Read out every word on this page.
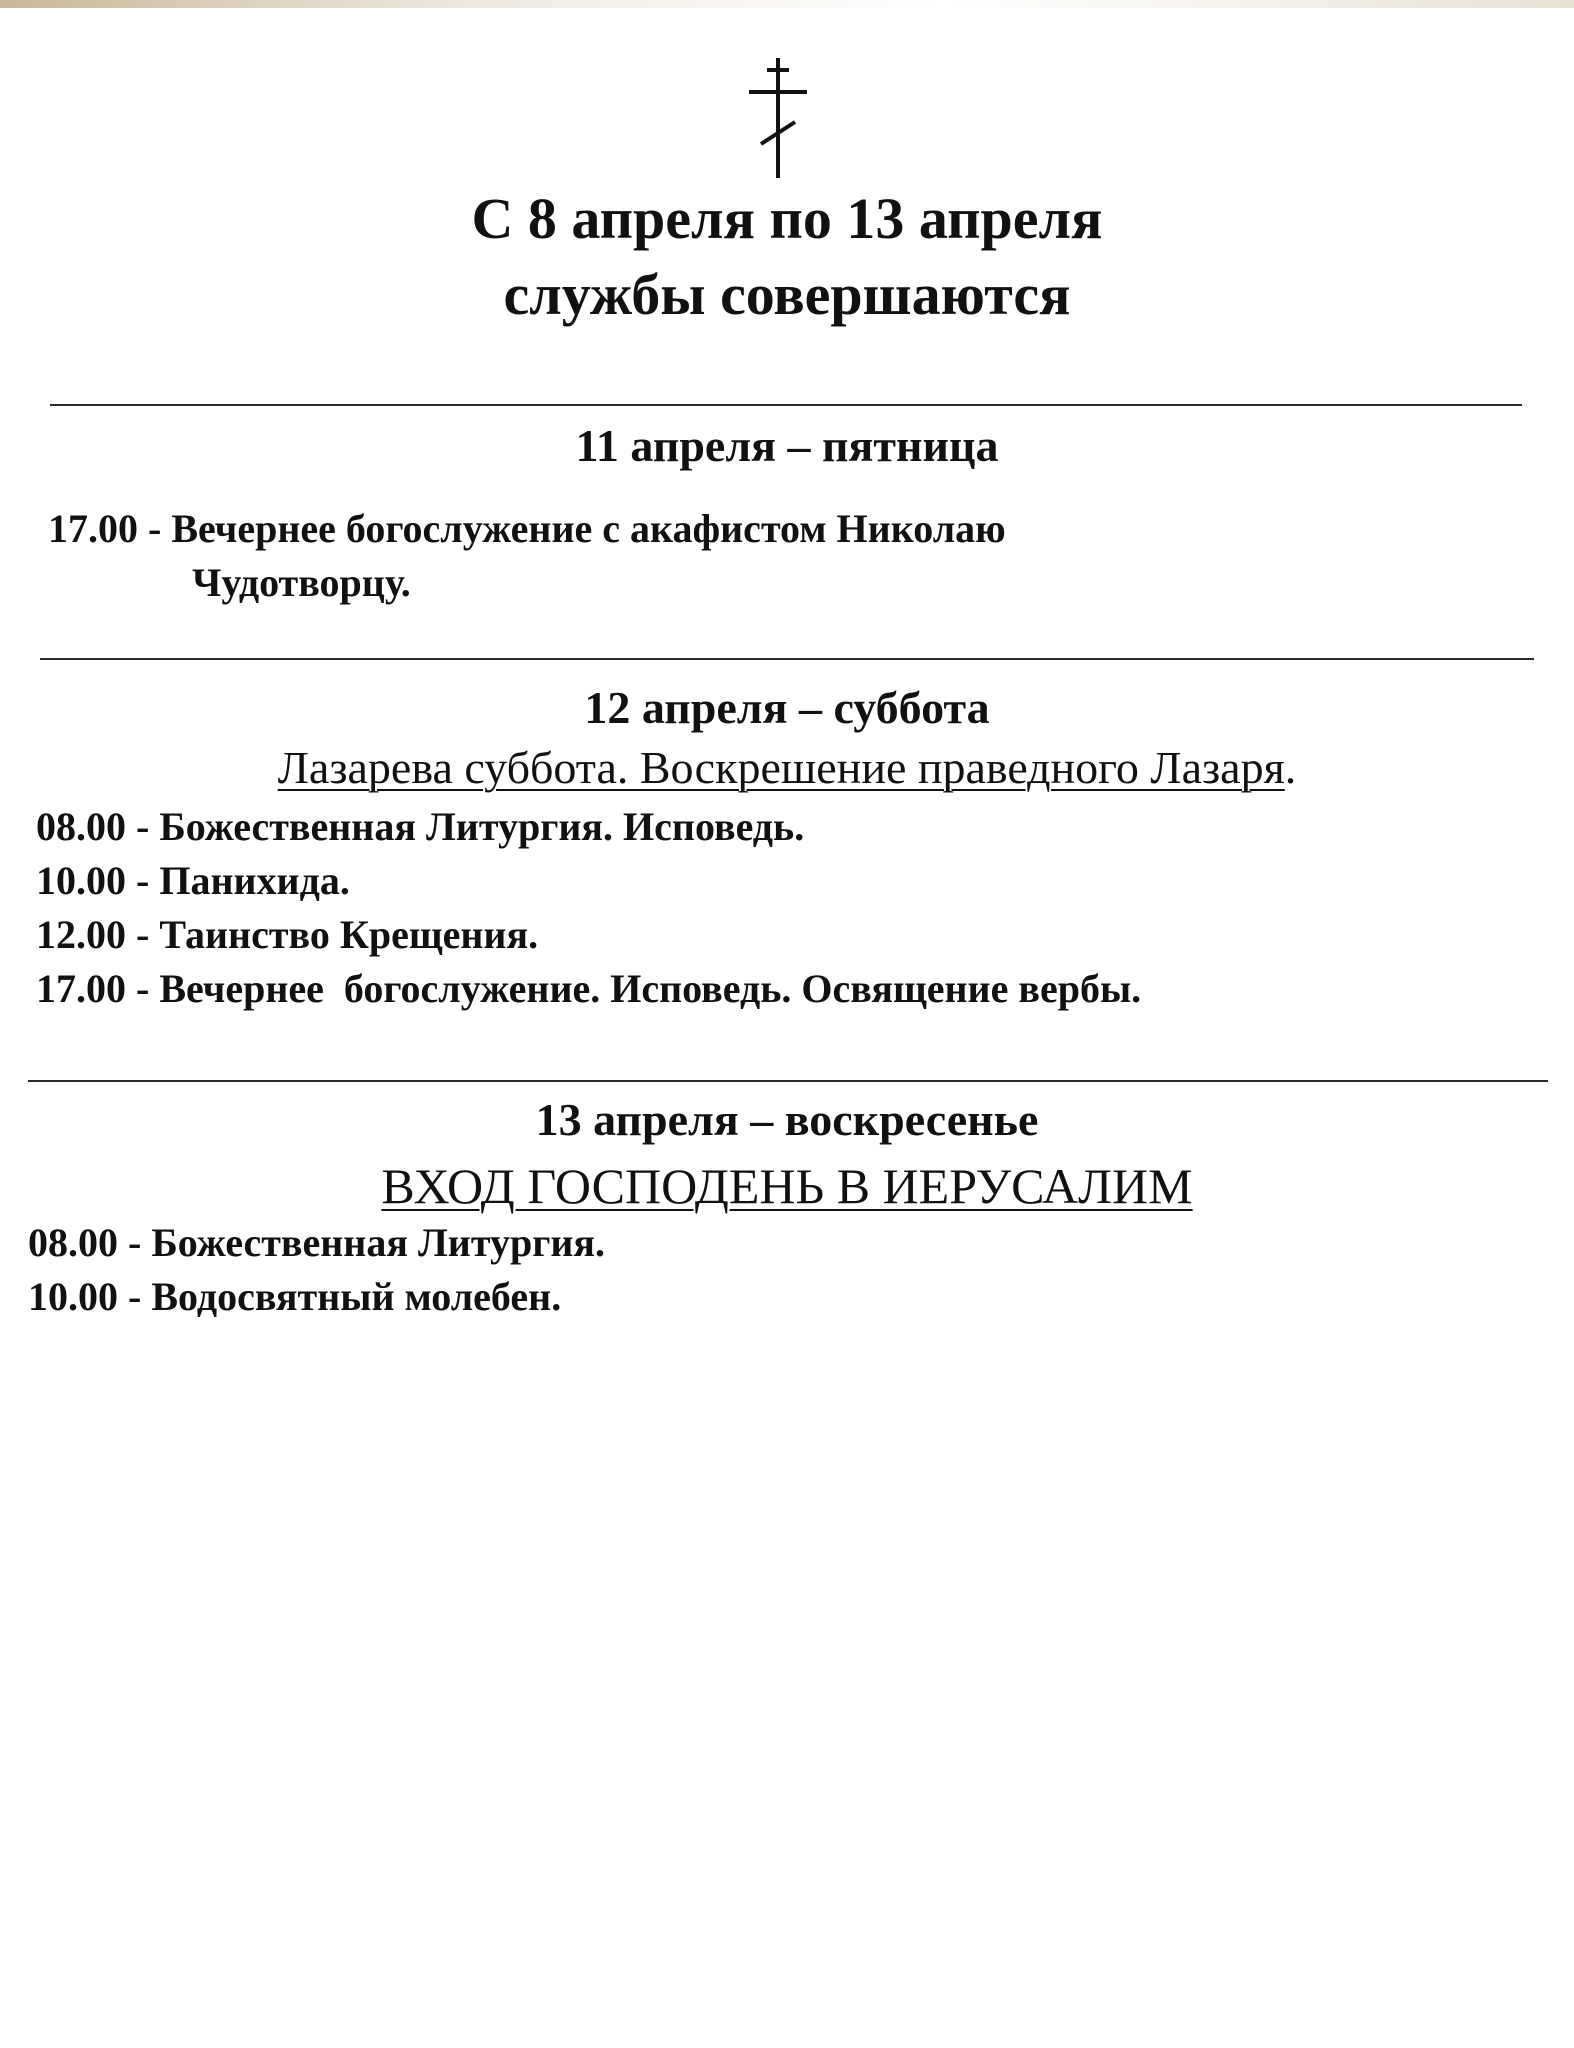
С 8 апреля по 13 апреля
службы совершаются
11 апреля – пятница
17.00 - Вечернее богослужение с акафистом Николаю
Чудотворцу.
12 апреля – суббота
Лазарева суббота. Воскрешение праведного Лазаря.
08.00 - Божественная Литургия. Исповедь.
10.00 - Панихида.
12.00 - Таинство Крещения.
17.00 - Вечернее  богослужение. Исповедь. Освящение вербы.
13 апреля – воскресенье
ВХОД ГОСПОДЕНЬ В ИЕРУСАЛИМ
08.00 - Божественная Литургия.
10.00 - Водосвятный молебен.
